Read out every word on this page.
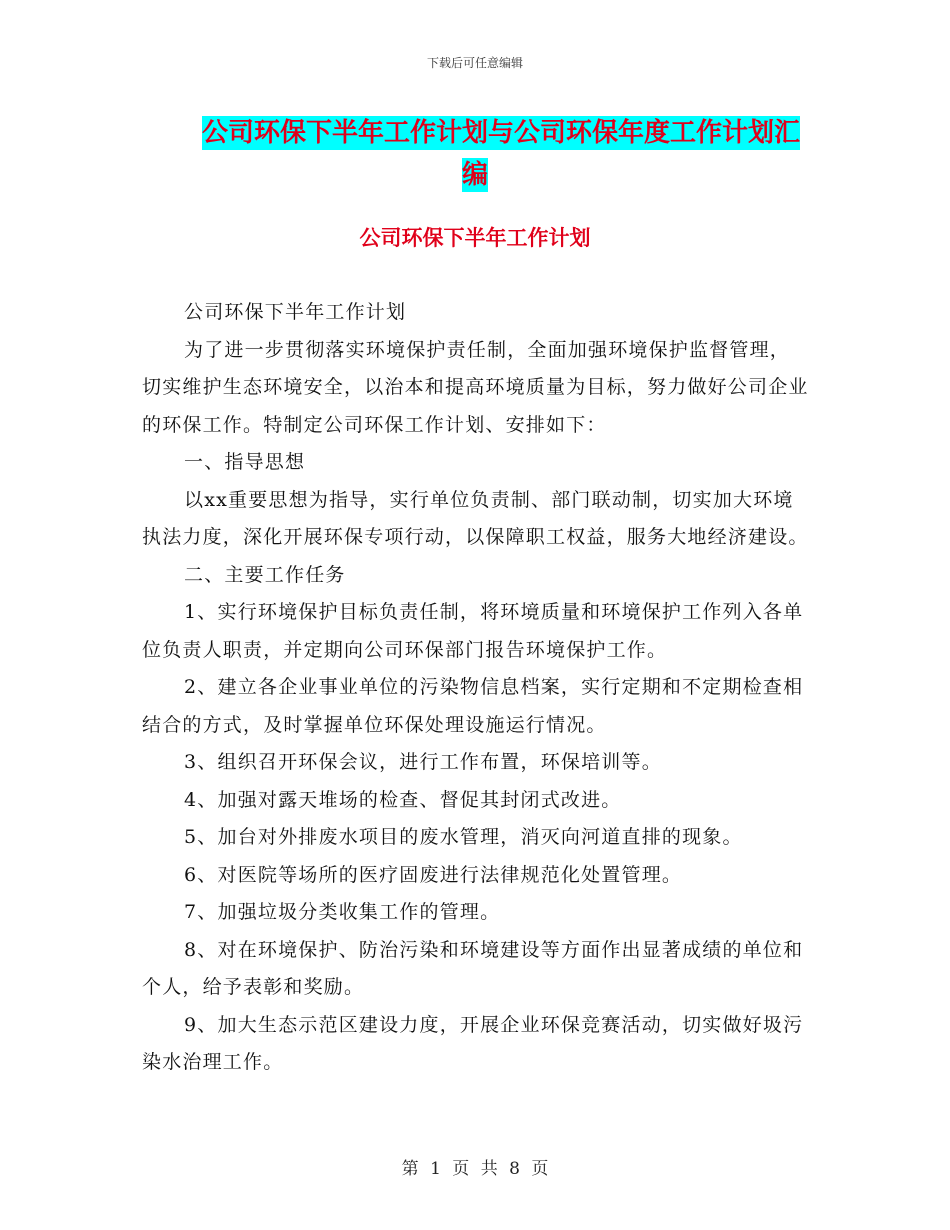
下载后可任意编辑
公司环保下半年工作计划与公司环保年度工作计划汇
编
公司环保下半年工作计划

公司环保下半年工作计划

为了进一步贯彻落实环境保护责任制，全面加强环境保护监督管理，切实维护生态环境安全，以治本和提高环境质量为目标，努力做好公司企业的环保工作。特制定公司环保工作计划、安排如下：

一、指导思想

以xx重要思想为指导，实行单位负责制、部门联动制，切实加大环境执法力度，深化开展环保专项行动，以保障职工权益，服务大地经济建设。

二、主要工作任务

1、实行环境保护目标负责任制，将环境质量和环境保护工作列入各单位负责人职责，并定期向公司环保部门报告环境保护工作。

2、建立各企业事业单位的污染物信息档案，实行定期和不定期检查相结合的方式，及时掌握单位环保处理设施运行情况。

3、组织召开环保会议，进行工作布置，环保培训等。

4、加强对露天堆场的检查、督促其封闭式改进。

5、加台对外排废水项目的废水管理，消灭向河道直排的现象。

6、对医院等场所的医疗固废进行法律规范化处置管理。

7、加强垃圾分类收集工作的管理。

8、对在环境保护、防治污染和环境建设等方面作出显著成绩的单位和个人，给予表彰和奖励。

9、加大生态示范区建设力度，开展企业环保竞赛活动，切实做好圾污染水治理工作。

第 1 页 共 8 页
